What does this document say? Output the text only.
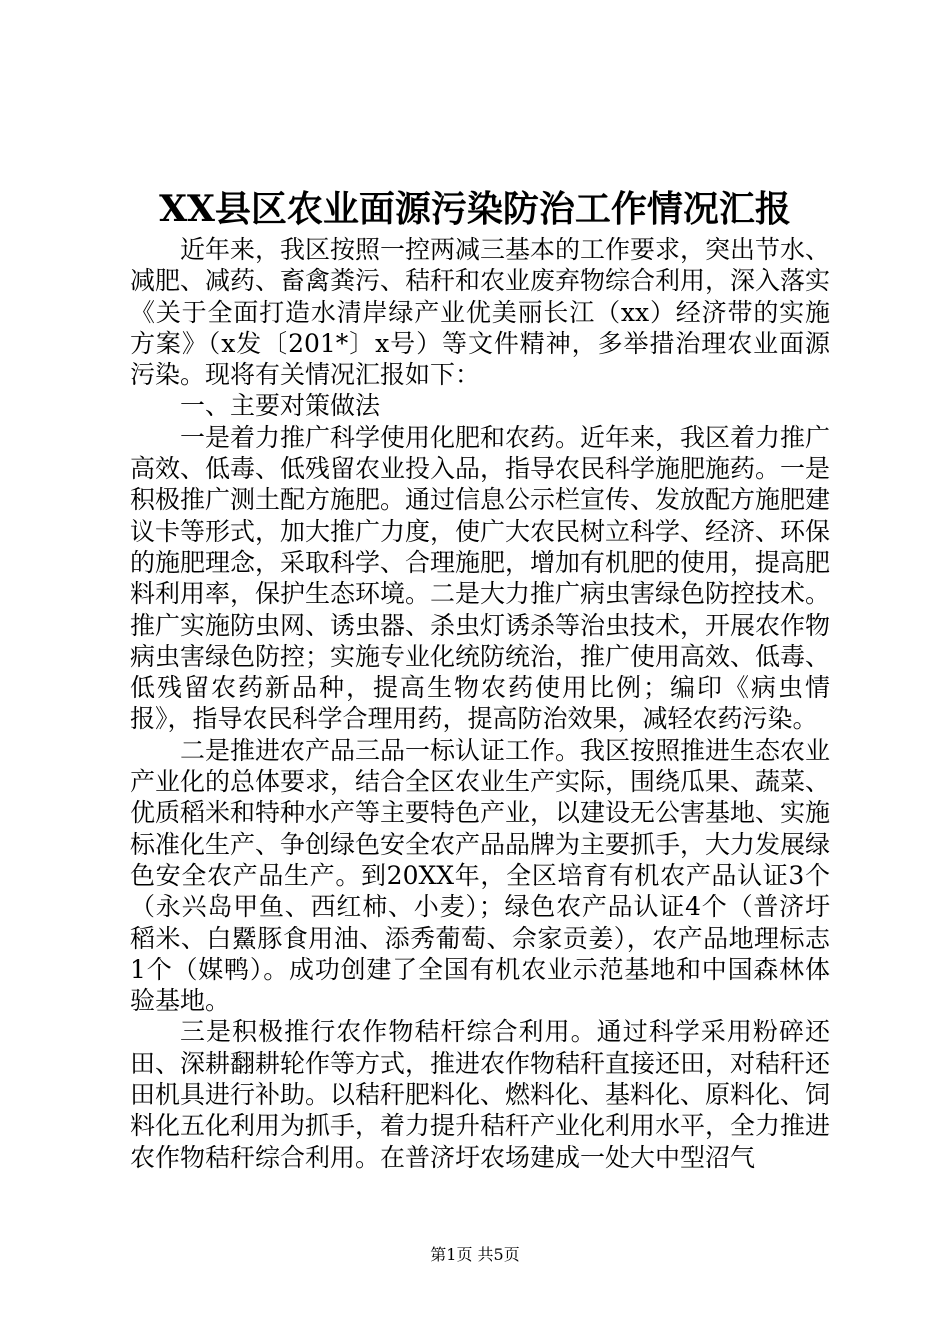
XX县区农业面源污染防治工作情况汇报

近年来，我区按照一控两减三基本的工作要求，突出节水、减肥、减药、畜禽粪污、秸秆和农业废弃物综合利用，深入落实《关于全面打造水清岸绿产业优美丽长江（xx）经济带的实施方案》（x发〔201*〕x号）等文件精神，多举措治理农业面源污染。现将有关情况汇报如下：

一、主要对策做法

一是着力推广科学使用化肥和农药。近年来，我区着力推广高效、低毒、低残留农业投入品，指导农民科学施肥施药。一是积极推广测土配方施肥。通过信息公示栏宣传、发放配方施肥建议卡等形式，加大推广力度，使广大农民树立科学、经济、环保的施肥理念，采取科学、合理施肥，增加有机肥的使用，提高肥料利用率，保护生态环境。二是大力推广病虫害绿色防控技术。推广实施防虫网、诱虫器、杀虫灯诱杀等治虫技术，开展农作物病虫害绿色防控；实施专业化统防统治，推广使用高效、低毒、低残留农药新品种，提高生物农药使用比例；编印《病虫情报》，指导农民科学合理用药，提高防治效果，减轻农药污染。

二是推进农产品三品一标认证工作。我区按照推进生态农业产业化的总体要求，结合全区农业生产实际，围绕瓜果、蔬菜、优质稻米和特种水产等主要特色产业，以建设无公害基地、实施标准化生产、争创绿色安全农产品品牌为主要抓手，大力发展绿色安全农产品生产。到20XX年，全区培育有机农产品认证3个（永兴岛甲鱼、西红柿、小麦）；绿色农产品认证4个（普济圩稻米、白鱀豚食用油、添秀葡萄、佘家贡姜），农产品地理标志1个（媒鸭）。成功创建了全国有机农业示范基地和中国森林体验基地。

三是积极推行农作物秸杆综合利用。通过科学采用粉碎还田、深耕翻耕轮作等方式，推进农作物秸秆直接还田，对秸秆还田机具进行补助。以秸秆肥料化、燃料化、基料化、原料化、饲料化五化利用为抓手，着力提升秸秆产业化利用水平，全力推进农作物秸秆综合利用。在普济圩农场建成一处大中型沼气

第1页 共5页
